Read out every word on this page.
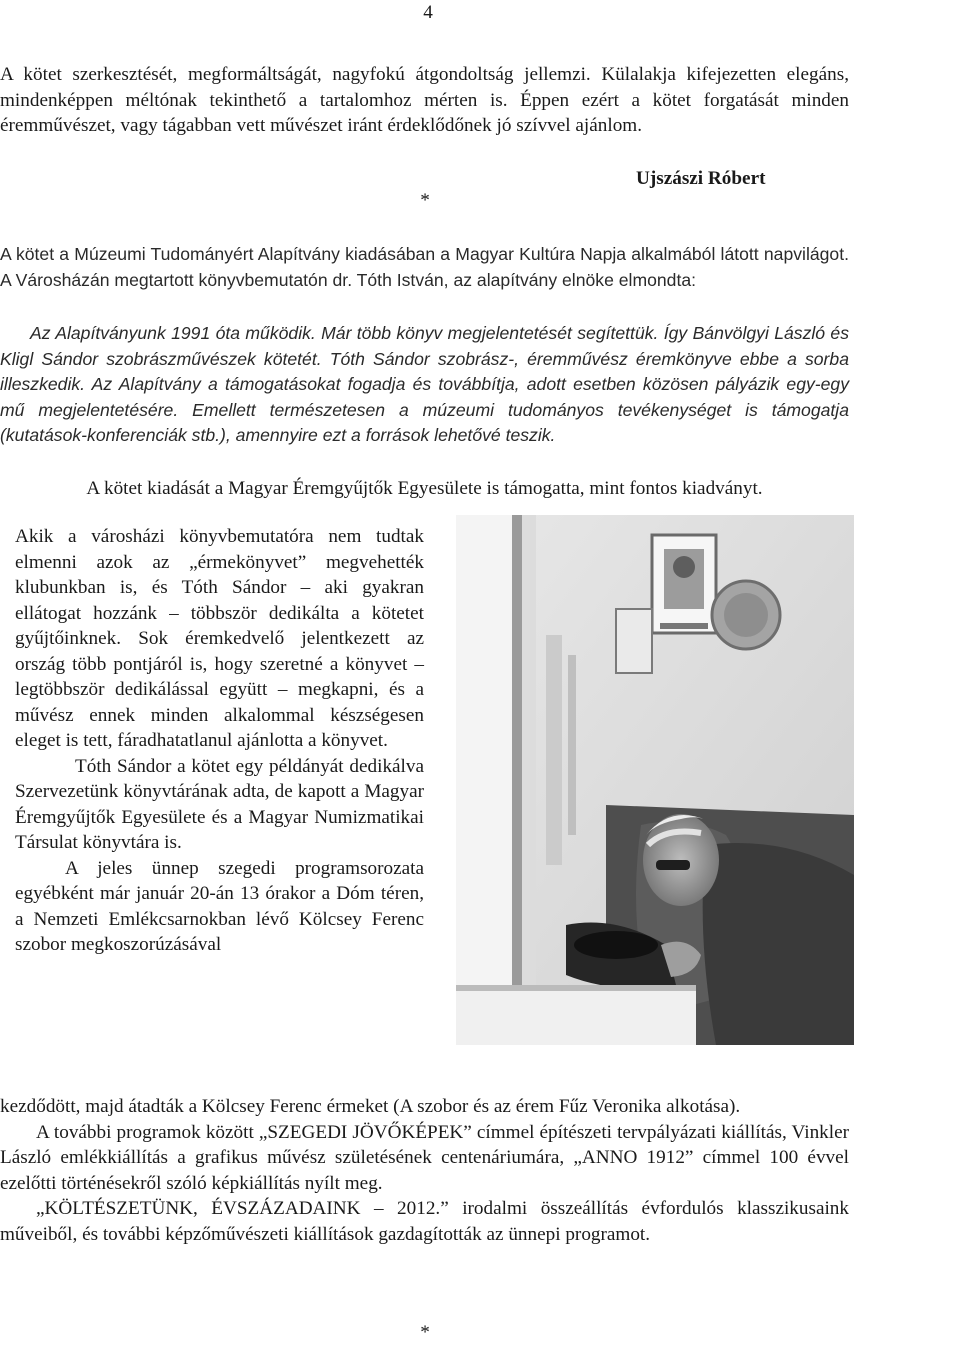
4
A kötet szerkesztését, megformáltságát, nagyfokú átgondoltság jellemzi. Külalakja kifejezetten elegáns, mindenképpen méltónak tekinthető a tartalomhoz mérten is. Éppen ezért a kötet forgatását minden éremművészet, vagy tágabban vett művészet iránt érdeklődőnek jó szívvel ajánlom.
Ujszászi Róbert
*
A kötet a Múzeumi Tudományért Alapítvány kiadásában a Magyar Kultúra Napja alkalmából látott napvilágot. A Városházán megtartott könyvbemutatón dr. Tóth István, az alapítvány elnöke elmondta:
Az Alapítványunk 1991 óta működik. Már több könyv megjelentetését segítettük. Így Bánvölgyi László és Kligl Sándor szobrászművészek kötetét. Tóth Sándor szobrász-, éremművész éremkönyve ebbe a sorba illeszkedik. Az Alapítvány a támogatásokat fogadja és továbbítja, adott esetben közösen pályázik egy-egy mű megjelentetésére. Emellett természetesen a múzeumi tudományos tevékenységet is támogatja (kutatások-konferenciák stb.), amennyire ezt a források lehetővé teszik.
A kötet kiadását a Magyar Éremgyűjtők Egyesülete is támogatta, mint fontos kiadványt.

Akik a városházi könyvbemutatóra nem tudtak elmenni azok az „érmekönyvet” megvehették klubunkban is, és Tóth Sándor – aki gyakran ellátogat hozzánk – többször dedikálta a kötetet gyűjtőinknek. Sok éremkedvelő jelentkezett az ország több pontjáról is, hogy szeretné a könyvet – legtöbbször dedikálással együtt – megkapni, és a művész ennek minden alkalommal készségesen eleget is tett, fáradhatatlanul ajánlotta a könyvet.

Tóth Sándor a kötet egy példányát dedikálva Szervezetünk könyvtárának adta, de kapott a Magyar Éremgyűjtők Egyesülete és a Magyar Numizmatikai Társulat könyvtára is.

A jeles ünnep szegedi programsorozata egyébként már január 20-án 13 órakor a Dóm téren, a Nemzeti Emlékcsarnokban lévő Kölcsey Ferenc szobor megkoszorúzásával

kezdődött, majd átadták a Kölcsey Ferenc érmeket (A szobor és az érem Fűz Veronika alkotása).

A további programok között „SZEGEDI JÖVŐKÉPEK” címmel építészeti tervpályázati kiállítás, Vinkler László emlékkiállítás a grafikus művész születésének centenáriumára, „ANNO 1912” címmel 100 évvel ezelőtti történésekről szóló képkiállítás nyílt meg.

„KÖLTÉSZETÜNK, ÉVSZÁZADAINK – 2012.” irodalmi összeállítás évfordulós klasszikusaink műveiből, és további képzőművészeti kiállítások gazdagították az ünnepi programot.

*
